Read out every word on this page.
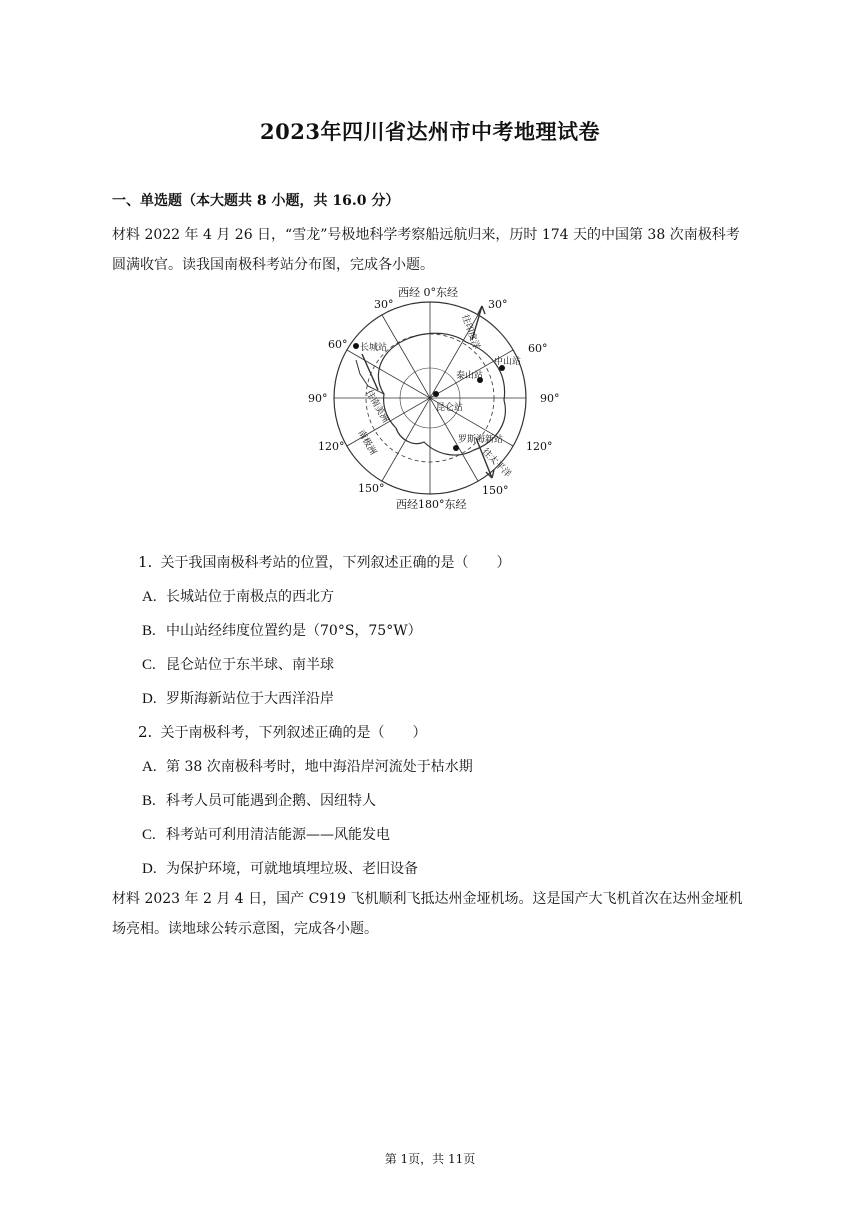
2023年四川省达州市中考地理试卷
一、单选题（本大题共 8 小题，共 16.0 分）
材料 2022 年 4 月 26 日，“雪龙”号极地科学考察船远航归来，历时 174 天的中国第 38 次南极科考圆满收官。读我国南极科考站分布图，完成各小题。
长城站
中山站
泰山站
昆仑站
罗斯海新站
往南美洲
南极洲
往印度洋
往太平洋
西经 0°东经
西经180°东经
30°	30°
60°	60°
90°	90°
120°	120°
150°	150°
1. 关于我国南极科考站的位置，下列叙述正确的是（　　）
A. 长城站位于南极点的西北方
B. 中山站经纬度位置约是（70°S，75°W）
C. 昆仑站位于东半球、南半球
D. 罗斯海新站位于大西洋沿岸
2. 关于南极科考，下列叙述正确的是（　　）
A. 第 38 次南极科考时，地中海沿岸河流处于枯水期
B. 科考人员可能遇到企鹅、因纽特人
C. 科考站可利用清洁能源——风能发电
D. 为保护环境，可就地填埋垃圾、老旧设备
材料 2023 年 2 月 4 日，国产 C919 飞机顺利飞抵达州金垭机场。这是国产大飞机首次在达州金垭机场亮相。读地球公转示意图，完成各小题。
第 1页，共 11页
